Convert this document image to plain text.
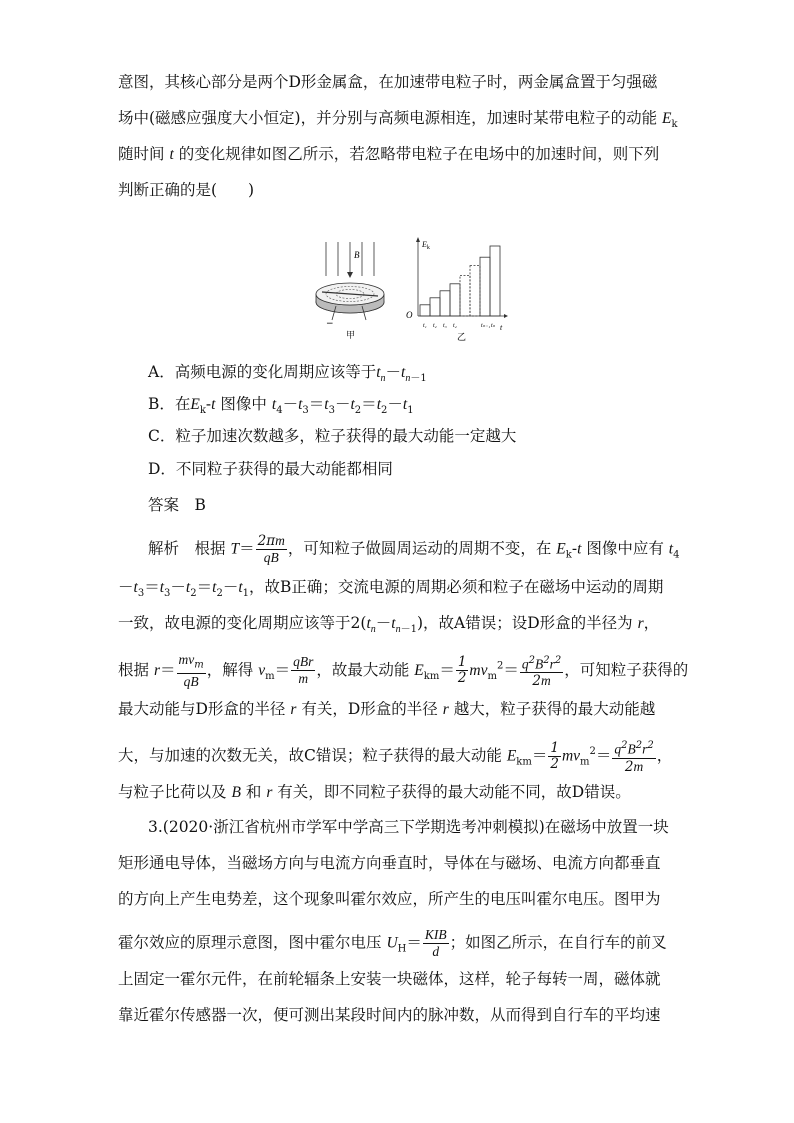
意图，其核心部分是两个D形金属盒，在加速带电粒子时，两金属盒置于匀强磁
场中(磁感应强度大小恒定)，并分别与高频电源相连，加速时某带电粒子的动能 $E_k$
随时间 t 的变化规律如图乙所示，若忽略带电粒子在电场中的加速时间，则下列
判断正确的是(　　)
B
−
甲
$E_k$
O
t
t₁ t₂ t₃ t₄	tₙ₋₁ tₙ
乙
A．高频电源的变化周期应该等于$t_n-t_{n-1}$
B．在$E_k-t$ 图像中 $t_4-t_3=t_3-t_2=t_2-t_1$
C．粒子加速次数越多，粒子获得的最大动能一定越大
D．不同粒子获得的最大动能都相同
答案　 B
解析　 根据 $T= \frac{2\pi m}{qB}$ ，可知粒子做圆周运动的周期不变，在 $E_k-t$ 图像中应有 $t_4$
$-t_3=t_3-t_2=t_2-t_1$，故B正确；交流电源的周期必须和粒子在磁场中运动的周期
一致，故电源的变化周期应该等于$2(t_n-t_{n-1})$，故A错误；设D形盒的半径为 r，
根据 $r= \frac{mv_m}{qB}$ ，解得 $v_m= \frac{\text{qBr}}{m}$ ，故最大动能 $E_{km}= \frac{1}{2} mv_m^2= \frac{q^2B^2r^2}{2m}$ ，可知粒子获得的
最大动能与D形盒的半径 r 有关，D形盒的半径 r 越大，粒子获得的最大动能越
大，与加速的次数无关，故C错误；粒子获得的最大动能 $E_{km}= \frac{1}{2} mv_m^2= \frac{q^2B^2r^2}{2m}$ ，
与粒子比荷以及 B 和 r 有关，即不同粒子获得的最大动能不同，故D错误。
3.(2020·浙江省杭州市学军中学高三下学期选考冲刺模拟)在磁场中放置一块
矩形通电导体，当磁场方向与电流方向垂直时，导体在与磁场、电流方向都垂直
的方向上产生电势差，这个现象叫霍尔效应，所产生的电压叫霍尔电压。图甲为
霍尔效应的原理示意图，图中霍尔电压 $U_H= \frac{\text{KIB}}{d}$ ；如图乙所示，在自行车的前叉
上固定一霍尔元件，在前轮辐条上安装一块磁体，这样，轮子每转一周，磁体就
靠近霍尔传感器一次，便可测出某段时间内的脉冲数，从而得到自行车的平均速
